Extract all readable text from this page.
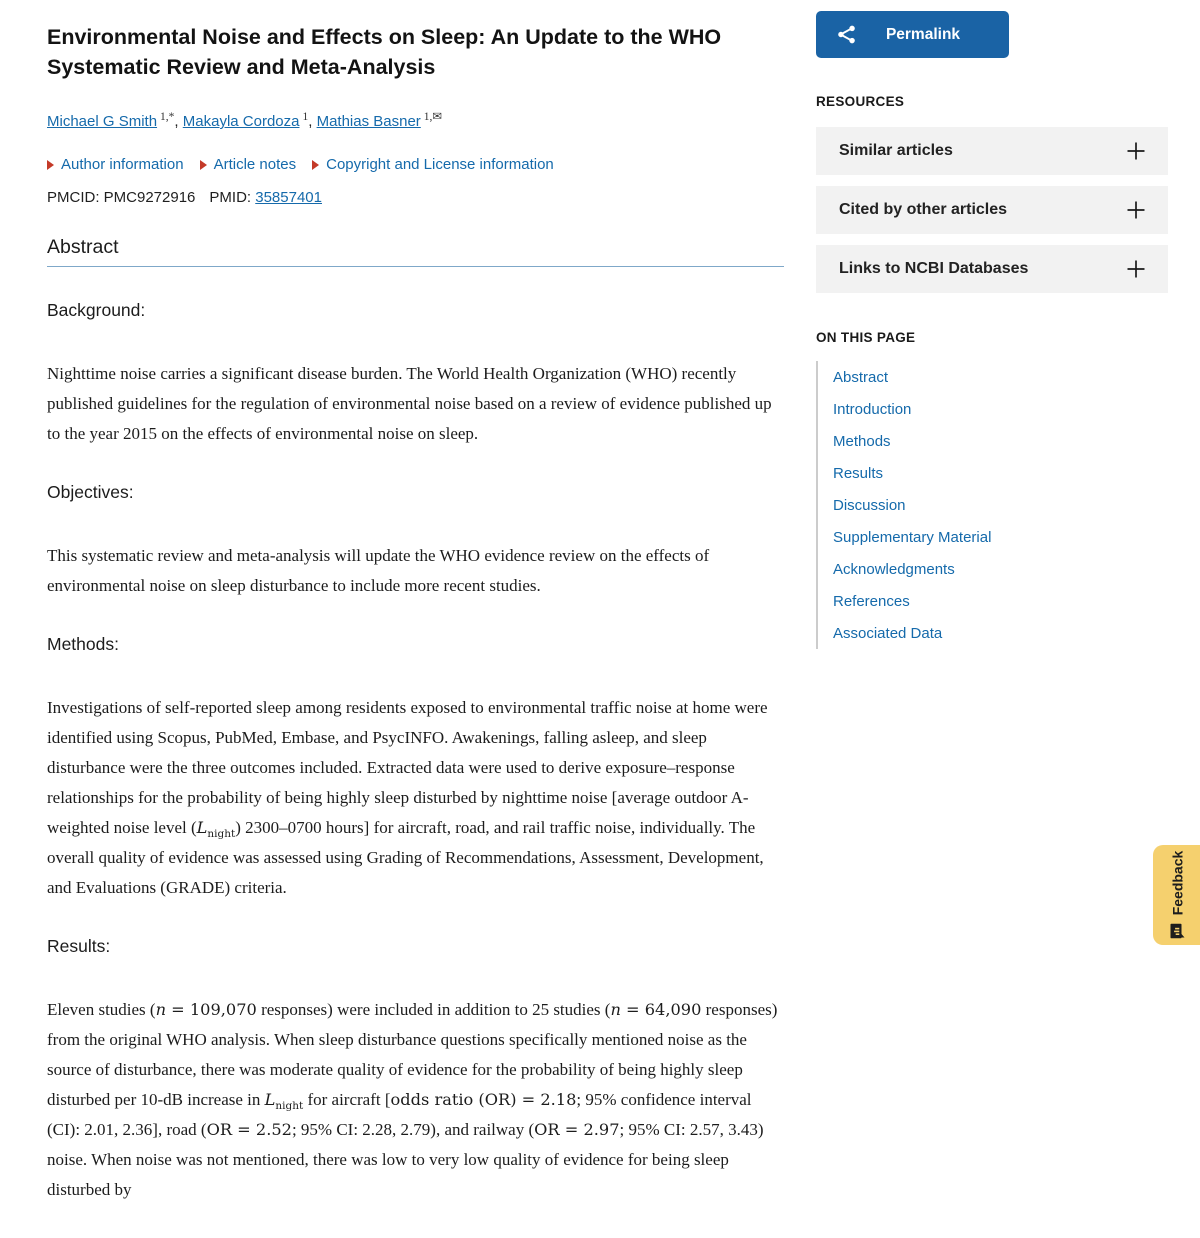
Environmental Noise and Effects on Sleep: An Update to the WHO Systematic Review and Meta-Analysis
Michael G Smith $^{1,*}$, Makayla Cordoza $^1$, Mathias Basner $^{1,✉}$
Author information Article notes Copyright and License information
PMCID: PMC9272916 PMID: 35857401
Abstract
Background:

Nighttime noise carries a significant disease burden. The World Health Organization (WHO) recently published guidelines for the regulation of environmental noise based on a review of evidence published up to the year 2015 on the effects of environmental noise on sleep.

Objectives:

This systematic review and meta-analysis will update the WHO evidence review on the effects of environmental noise on sleep disturbance to include more recent studies.

Methods:

Investigations of self-reported sleep among residents exposed to environmental traffic noise at home were identified using Scopus, PubMed, Embase, and PsycINFO. Awakenings, falling asleep, and sleep disturbance were the three outcomes included. Extracted data were used to derive exposure–response relationships for the probability of being highly sleep disturbed by nighttime noise [average outdoor A-weighted noise level $(L_{night})$ 2300–0700 hours] for aircraft, road, and rail traffic noise, individually. The overall quality of evidence was assessed using Grading of Recommendations, Assessment, Development, and Evaluations (GRADE) criteria.

Results:

Eleven studies (n = 109,070 responses) were included in addition to 25 studies (n = 64,090 responses) from the original WHO analysis. When sleep disturbance questions specifically mentioned noise as the source of disturbance, there was moderate quality of evidence for the probability of being highly sleep disturbed per 10-dB increase in $L_{night}$ for aircraft [odds ratio (OR) = 2.18; 95% confidence interval (CI): 2.01, 2.36], road (OR = 2.52; 95% CI: 2.28, 2.79), and railway (OR = 2.97; 95% CI: 2.57, 3.43) noise. When noise was not mentioned, there was low to very low quality of evidence for being sleep disturbed by

Permalink
RESOURCES
Similar articles
Cited by other articles
Links to NCBI Databases
ON THIS PAGE
Abstract
Introduction
Methods
Results
Discussion
Supplementary Material
Acknowledgments
References
Associated Data
Feedback
